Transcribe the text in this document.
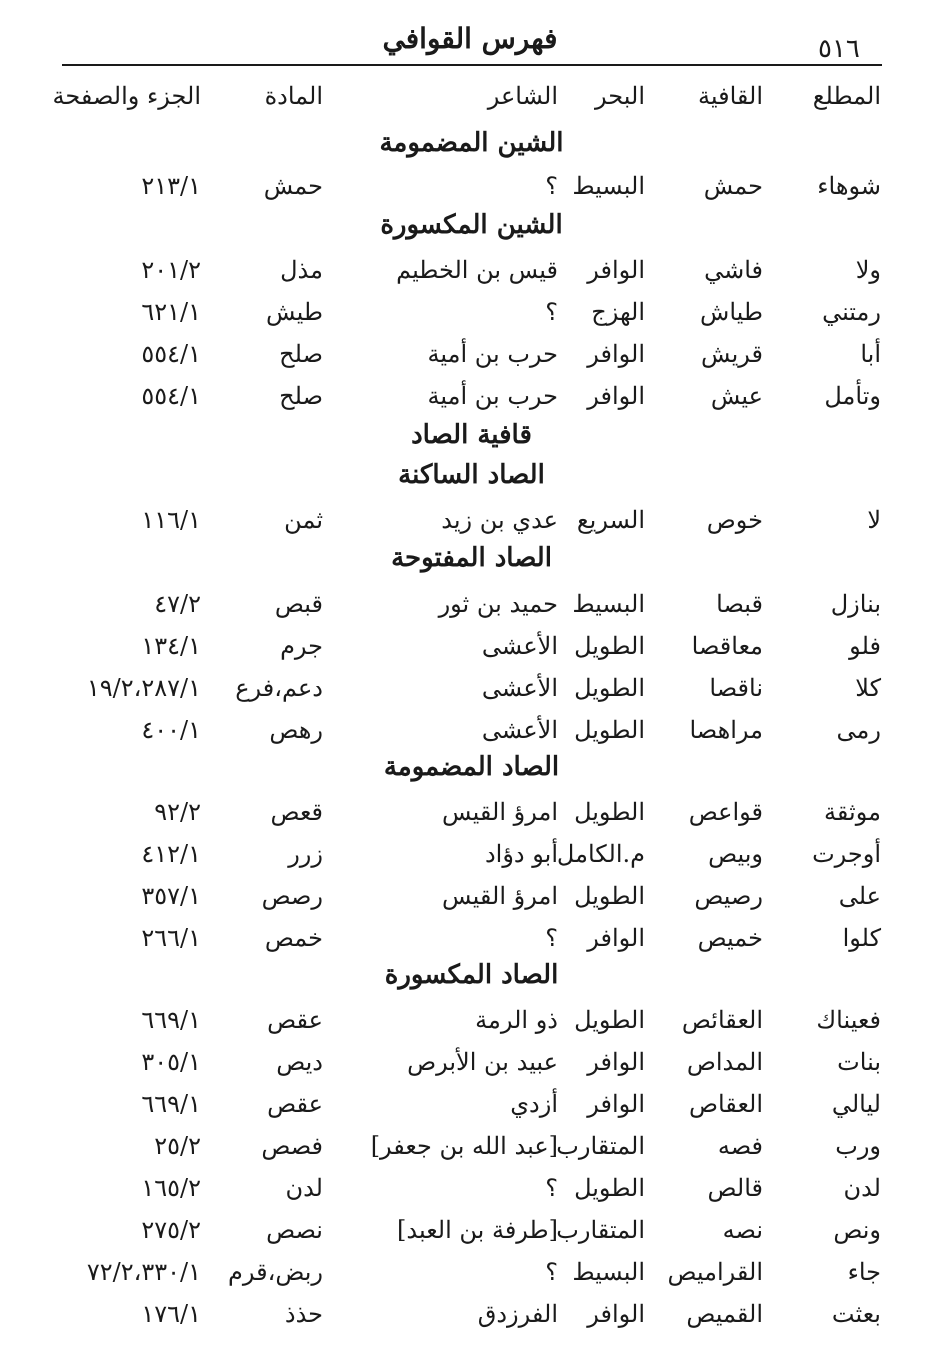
٥١٦
فهرس القوافي
المطلع
القافية
البحر
الشاعر
المادة
الجزء والصفحة
الشين المضمومة
الشين المكسورة
قافية الصاد
الصاد الساكنة
الصاد المفتوحة
الصاد المضمومة
الصاد المكسورة
شوهاء
حمش
البسيط
؟
حمش
٢١٣/١
ولا
فاشي
الوافر
قيس بن الخطيم
مذل
٢٠١/٢
رمتني
طياش
الهزج
؟
طيش
٦٢١/١
أبا
قريش
الوافر
حرب بن أمية
صلح
٥٥٤/١
وتأمل
عيش
الوافر
حرب بن أمية
صلح
٥٥٤/١
لا
خوص
السريع
عدي بن زيد
ثمن
١١٦/١
بنازل
قبصا
البسيط
حميد بن ثور
قبص
٤٧/٢
فلو
معاقصا
الطويل
الأعشى
جرم
١٣٤/١
كلا
ناقصا
الطويل
الأعشى
دعم،فرع
١٩/٢،٢٨٧/١
رمى
مراهصا
الطويل
الأعشى
رهص
٤٠٠/١
موثقة
قواعص
الطويل
امرؤ القيس
قعص
٩٢/٢
أوجرت
وبيص
م.الكامل
أبو دؤاد
زرر
٤١٢/١
على
رصيص
الطويل
امرؤ القيس
رصص
٣٥٧/١
كلوا
خميص
الوافر
؟
خمص
٢٦٦/١
فعيناك
العقائص
الطويل
ذو الرمة
عقص
٦٦٩/١
بنات
المداص
الوافر
عبيد بن الأبرص
ديص
٣٠٥/١
ليالي
العقاص
الوافر
أزدي
عقص
٦٦٩/١
ورب
فصه
المتقارب
[عبد الله بن جعفر]
فصص
٢٥/٢
لدن
قالص
الطويل
؟
لدن
١٦٥/٢
ونص
نصه
المتقارب
[طرفة بن العبد]
نصص
٢٧٥/٢
جاء
القراميص
البسيط
؟
ربض،قرم
٧٢/٢،٣٣٠/١
بعثت
القميص
الوافر
الفرزدق
حذذ
١٧٦/١
